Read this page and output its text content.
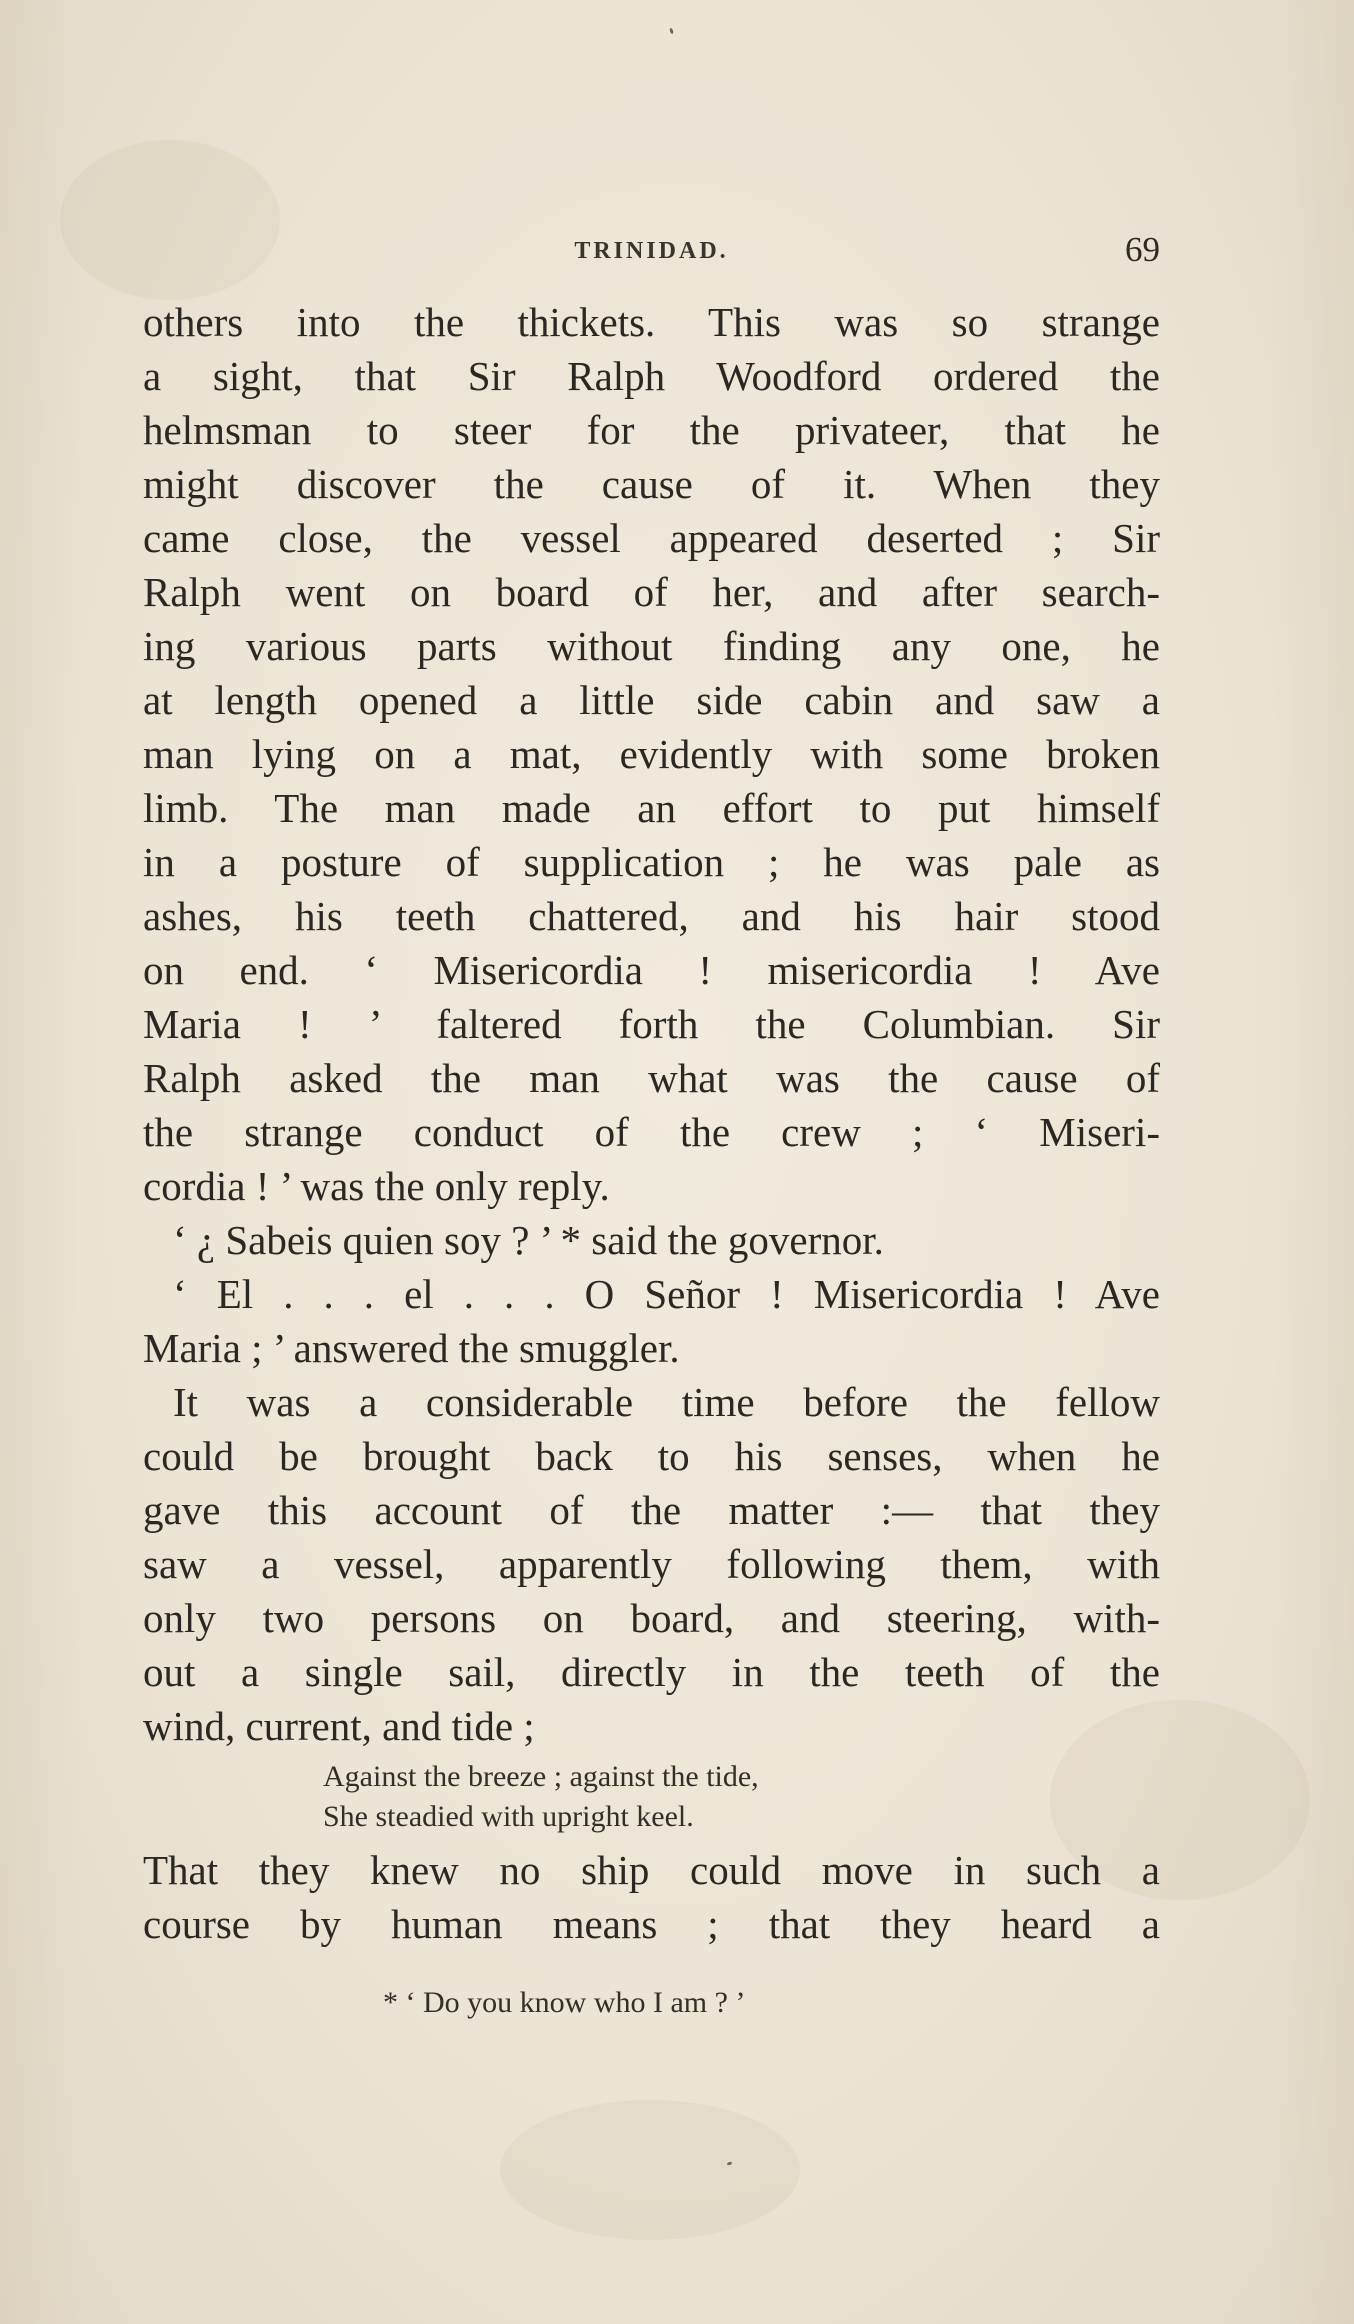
TRINIDAD.	69
others into the thickets. This was so strange
a sight, that Sir Ralph Woodford ordered the
helmsman to steer for the privateer, that he
might discover the cause of it. When they
came close, the vessel appeared deserted ; Sir
Ralph went on board of her, and after search-
ing various parts without finding any one, he
at length opened a little side cabin and saw a
man lying on a mat, evidently with some broken
limb. The man made an effort to put himself
in a posture of supplication ; he was pale as
ashes, his teeth chattered, and his hair stood
on end. ‘ Misericordia ! misericordia ! Ave
Maria ! ’ faltered forth the Columbian. Sir
Ralph asked the man what was the cause of
the strange conduct of the crew ; ‘ Miseri-
cordia ! ’ was the only reply.
‘ ¿ Sabeis quien soy ? ’ * said the governor.
‘ El . . . el . . . O Señor ! Misericordia ! Ave
Maria ; ’ answered the smuggler.
It was a considerable time before the fellow
could be brought back to his senses, when he
gave this account of the matter :— that they
saw a vessel, apparently following them, with
only two persons on board, and steering, with-
out a single sail, directly in the teeth of the
wind, current, and tide ;
Against the breeze ; against the tide,
She steadied with upright keel.
That they knew no ship could move in such a
course by human means ; that they heard a
* ‘ Do you know who I am ? ’
